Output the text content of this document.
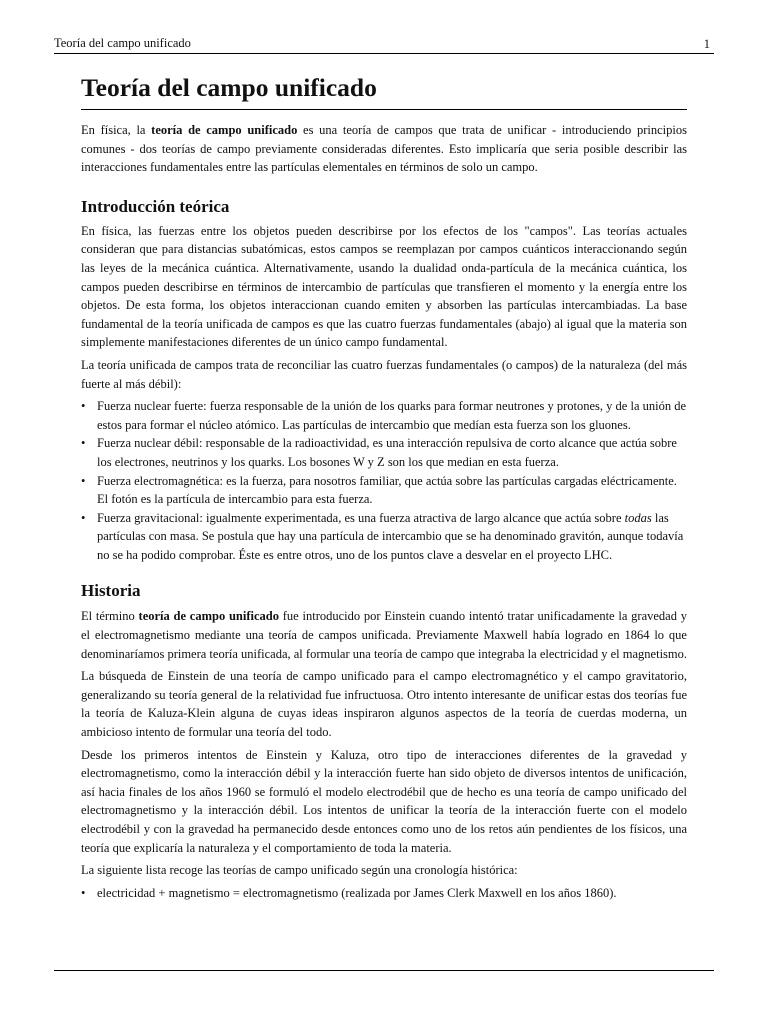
Teoría del campo unificado	1
Teoría del campo unificado

En física, la teoría de campo unificado es una teoría de campos que trata de unificar - introduciendo principios comunes - dos teorías de campo previamente consideradas diferentes. Esto implicaría que seria posible describir las interacciones fundamentales entre las partículas elementales en términos de solo un campo.

Introducción teórica

En física, las fuerzas entre los objetos pueden describirse por los efectos de los "campos". Las teorías actuales consideran que para distancias subatómicas, estos campos se reemplazan por campos cuánticos interaccionando según las leyes de la mecánica cuántica. Alternativamente, usando la dualidad onda-partícula de la mecánica cuántica, los campos pueden describirse en términos de intercambio de partículas que transfieren el momento y la energía entre los objetos. De esta forma, los objetos interaccionan cuando emiten y absorben las partículas intercambiadas. La base fundamental de la teoría unificada de campos es que las cuatro fuerzas fundamentales (abajo) al igual que la materia son simplemente manifestaciones diferentes de un único campo fundamental.

La teoría unificada de campos trata de reconciliar las cuatro fuerzas fundamentales (o campos) de la naturaleza (del más fuerte al más débil):

• Fuerza nuclear fuerte: fuerza responsable de la unión de los quarks para formar neutrones y protones, y de la unión de estos para formar el núcleo atómico. Las partículas de intercambio que medían esta fuerza son los gluones.
• Fuerza nuclear débil: responsable de la radioactividad, es una interacción repulsiva de corto alcance que actúa sobre los electrones, neutrinos y los quarks. Los bosones W y Z son los que median en esta fuerza.
• Fuerza electromagnética: es la fuerza, para nosotros familiar, que actúa sobre las partículas cargadas eléctricamente. El fotón es la partícula de intercambio para esta fuerza.
• Fuerza gravitacional: igualmente experimentada, es una fuerza atractiva de largo alcance que actúa sobre todas las partículas con masa. Se postula que hay una partícula de intercambio que se ha denominado gravitón, aunque todavía no se ha podido comprobar. Éste es entre otros, uno de los puntos clave a desvelar en el proyecto LHC.
Historia

El término teoría de campo unificado fue introducido por Einstein cuando intentó tratar unificadamente la gravedad y el electromagnetismo mediante una teoría de campos unificada. Previamente Maxwell había logrado en 1864 lo que denominaríamos primera teoría unificada, al formular una teoría de campo que integraba la electricidad y el magnetismo.

La búsqueda de Einstein de una teoría de campo unificado para el campo electromagnético y el campo gravitatorio, generalizando su teoría general de la relatividad fue infructuosa. Otro intento interesante de unificar estas dos teorías fue la teoría de Kaluza-Klein alguna de cuyas ideas inspiraron algunos aspectos de la teoría de cuerdas moderna, un ambicioso intento de formular una teoría del todo.

Desde los primeros intentos de Einstein y Kaluza, otro tipo de interacciones diferentes de la gravedad y electromagnetismo, como la interacción débil y la interacción fuerte han sido objeto de diversos intentos de unificación, así hacia finales de los años 1960 se formuló el modelo electrodébil que de hecho es una teoría de campo unificado del electromagnetismo y la interacción débil. Los intentos de unificar la teoría de la interacción fuerte con el modelo electrodébil y con la gravedad ha permanecido desde entonces como uno de los retos aún pendientes de los físicos, una teoría que explicaría la naturaleza y el comportamiento de toda la materia.

La siguiente lista recoge las teorías de campo unificado según una cronología histórica:

• electricidad + magnetismo = electromagnetismo (realizada por James Clerk Maxwell en los años 1860).
